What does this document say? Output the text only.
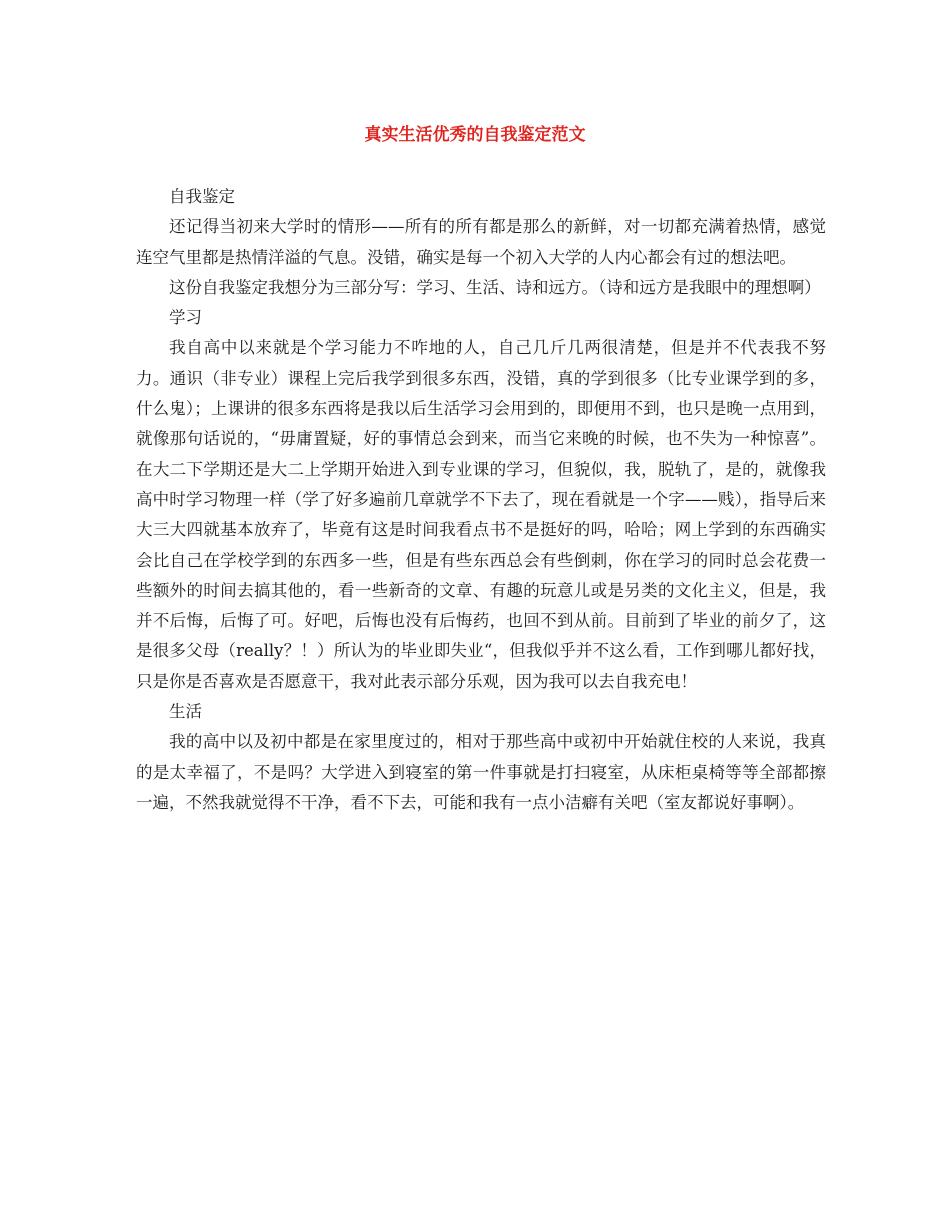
真实生活优秀的自我鉴定范文

自我鉴定

还记得当初来大学时的情形——所有的所有都是那么的新鲜，对一切都充满着热情，感觉连空气里都是热情洋溢的气息。没错，确实是每一个初入大学的人内心都会有过的想法吧。

这份自我鉴定我想分为三部分写：学习、生活、诗和远方。（诗和远方是我眼中的理想啊）

学习

我自高中以来就是个学习能力不咋地的人，自己几斤几两很清楚，但是并不代表我不努力。通识（非专业）课程上完后我学到很多东西，没错，真的学到很多（比专业课学到的多，什么鬼）；上课讲的很多东西将是我以后生活学习会用到的，即便用不到，也只是晚一点用到，就像那句话说的，“毋庸置疑，好的事情总会到来，而当它来晚的时候，也不失为一种惊喜”。在大二下学期还是大二上学期开始进入到专业课的学习，但貌似，我，脱轨了，是的，就像我高中时学习物理一样（学了好多遍前几章就学不下去了，现在看就是一个字——贱），指导后来大三大四就基本放弃了，毕竟有这是时间我看点书不是挺好的吗，哈哈；网上学到的东西确实会比自己在学校学到的东西多一些，但是有些东西总会有些倒刺，你在学习的同时总会花费一些额外的时间去搞其他的，看一些新奇的文章、有趣的玩意儿或是另类的文化主义，但是，我并不后悔，后悔了可。好吧，后悔也没有后悔药，也回不到从前。目前到了毕业的前夕了，这是很多父母（really？！）所认为的毕业即失业“，但我似乎并不这么看，工作到哪儿都好找，只是你是否喜欢是否愿意干，我对此表示部分乐观，因为我可以去自我充电！

生活

我的高中以及初中都是在家里度过的，相对于那些高中或初中开始就住校的人来说，我真的是太幸福了，不是吗？大学进入到寝室的第一件事就是打扫寝室，从床柜桌椅等等全部都擦一遍，不然我就觉得不干净，看不下去，可能和我有一点小洁癖有关吧（室友都说好事啊）。
